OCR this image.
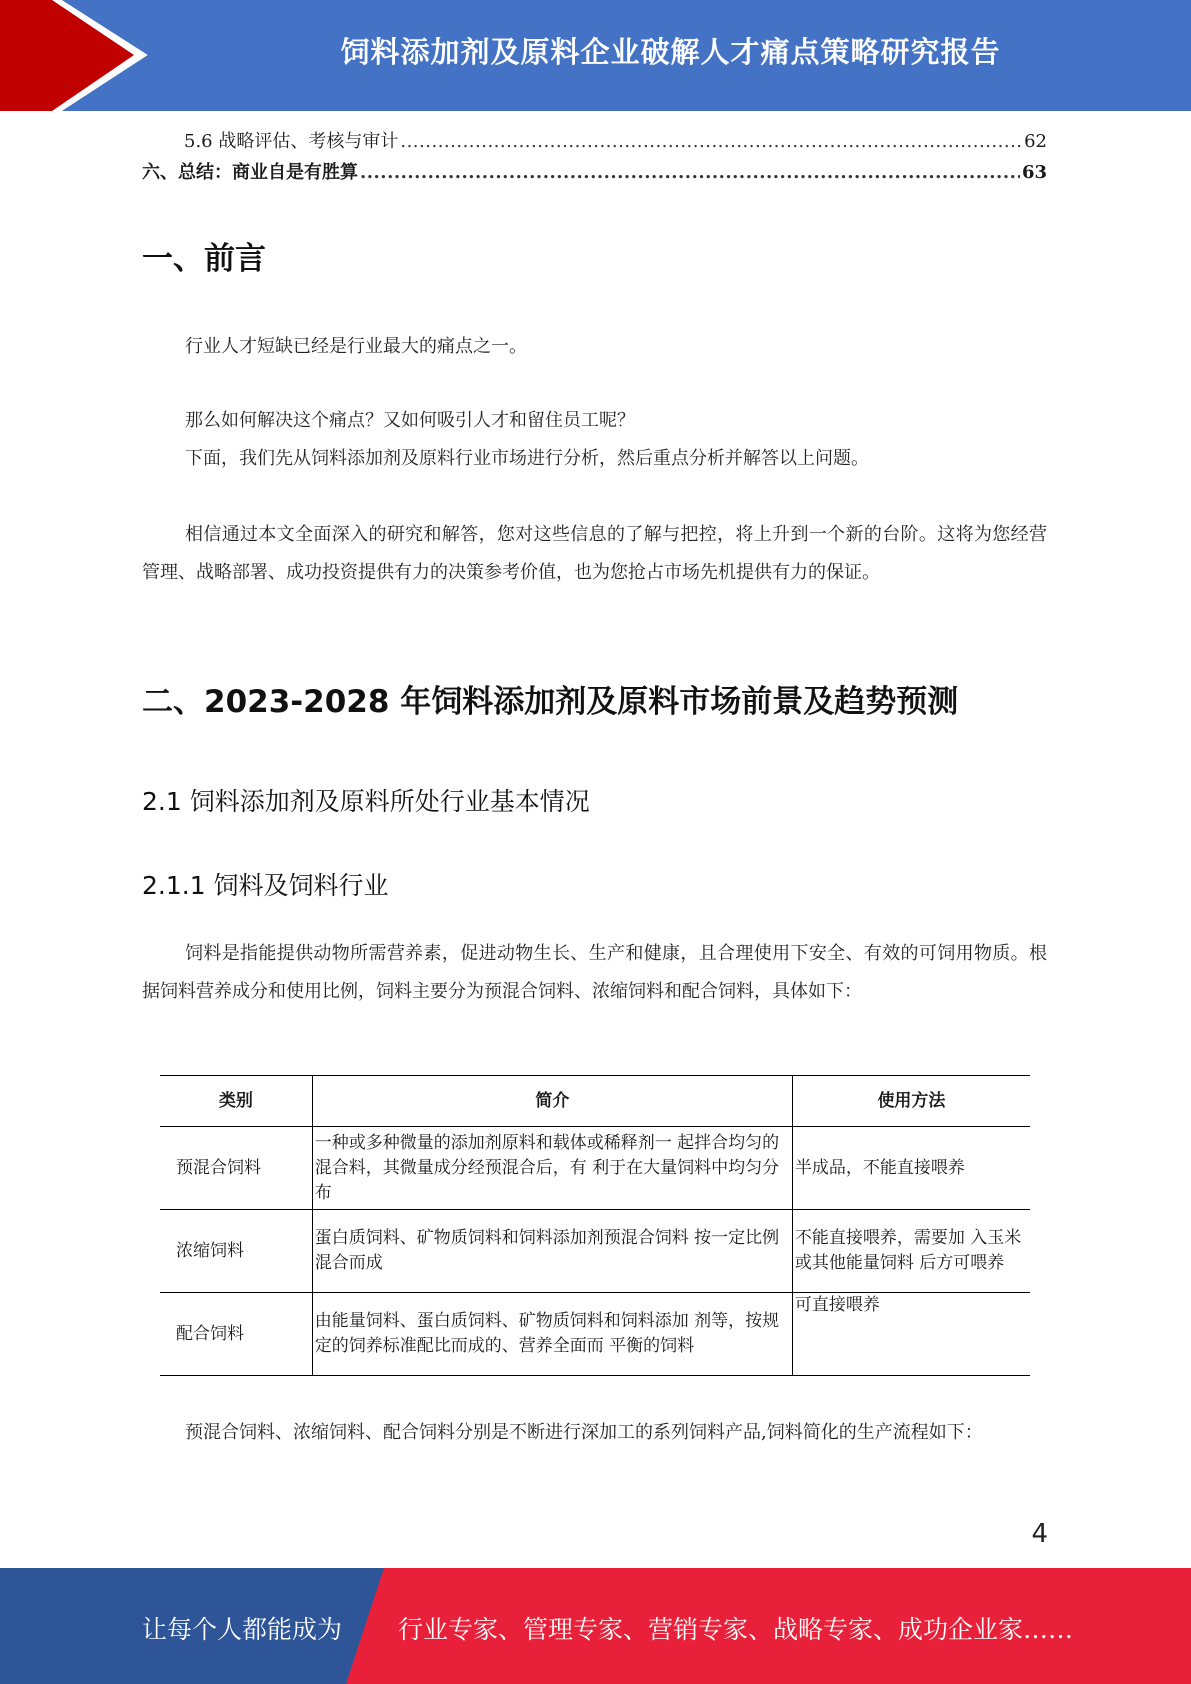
饲料添加剂及原料企业破解人才痛点策略研究报告
5.6 战略评估、考核与审计 .....	62
六、总结：商业自是有胜算 .....	63
一、前言

行业人才短缺已经是行业最大的痛点之一。

那么如何解决这个痛点？又如何吸引人才和留住员工呢？

下面，我们先从饲料添加剂及原料行业市场进行分析，然后重点分析并解答以上问题。

相信通过本文全面深入的研究和解答，您对这些信息的了解与把控，将上升到一个新的台阶。这将为您经营管理、战略部署、成功投资提供有力的决策参考价值，也为您抢占市场先机提供有力的保证。

二、2023-2028 年饲料添加剂及原料市场前景及趋势预测
2.1 饲料添加剂及原料所处行业基本情况
2.1.1 饲料及饲料行业

饲料是指能提供动物所需营养素，促进动物生长、生产和健康，且合理使用下安全、有效的可饲用物质。根据饲料营养成分和使用比例，饲料主要分为预混合饲料、浓缩饲料和配合饲料，具体如下：

类别	简介	使用方法
预混合饲料	一种或多种微量的添加剂原料和载体或稀释剂一 起拌合均匀的混合料，其微量成分经预混合后，有 利于在大量饲料中均匀分布	半成品，不能直接喂养
浓缩饲料	蛋白质饲料、矿物质饲料和饲料添加剂预混合饲料 按一定比例混合而成	不能直接喂养，需要加 入玉米或其他能量饲料 后方可喂养
配合饲料	由能量饲料、蛋白质饲料、矿物质饲料和饲料添加 剂等，按规定的饲养标准配比而成的、营养全面而 平衡的饲料	可直接喂养

预混合饲料、浓缩饲料、配合饲料分别是不断进行深加工的系列饲料产品,饲料简化的生产流程如下：

4
让每个人都能成为 行业专家、管理专家、营销专家、战略专家、成功企业家……
